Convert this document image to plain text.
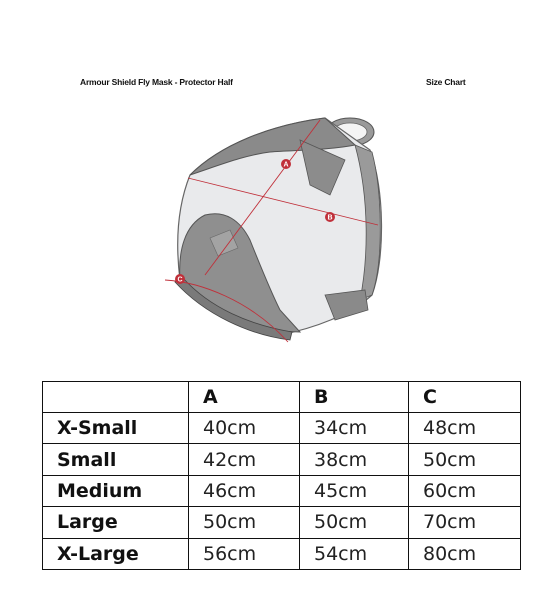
Armour Shield Fly Mask - Protector Half	Size Chart
A
B
C
	A	B	C
X-Small	40cm	34cm	48cm
Small	42cm	38cm	50cm
Medium	46cm	45cm	60cm
Large	50cm	50cm	70cm
X-Large	56cm	54cm	80cm
